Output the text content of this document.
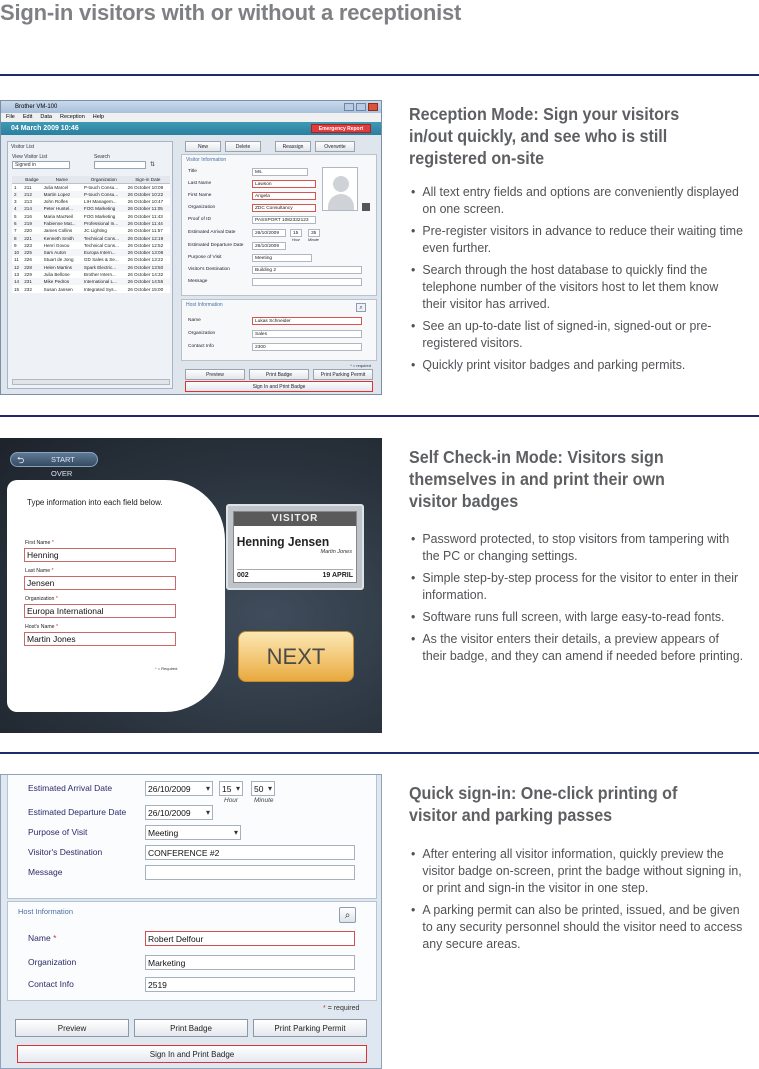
Sign-in visitors with or without a receptionist
Brother VM-100
File Edit Data Reception Help
04 March 2009 10:46	Emergency Report
Visitor List
View Visitor List	Search
Signed in	⇅
	Badge	Name	Organization	Sign-in Date
1	211	Julia Marcel	P-touch Consu...	26 October 10:09
2	212	Martin Lopez	P-touch Consu...	26 October 10:22
3	213	John Rolfes	LIH Managem...	26 October 10:47
4	214	Peter Huntel...	FOG Marketing	26 October 11:05
5	216	Maria MacNeil	FOG Marketing	26 October 11:43
6	219	Fabienne Mat...	Professional In...	26 October 11:44
7	220	James Collins	JC Lighting	26 October 11:57
8	221	Kenneth Smith	Technical Cons...	26 October 12:19
9	223	Henri Govou	Technical Cons...	26 October 12:52
10	225	Sam Auton	Europa Intern...	26 October 13:08
11	226	Stuart de Jong	GD Sales & Se...	26 October 13:22
12	228	Helen Martins	Spark Electric...	26 October 13:50
13	229	Julia Bellone	Brother Intern...	26 October 14:32
14	231	Mike Pedros	International L...	26 October 14:55
15	232	Susan Jansen	Integrated Sys...	26 October 15:00
New	Delete	Reassign	Overwrite
Visitor Information
Title	Ms.
Last Name	Lawson
First Name	Angela
Organization	ZDC Consultancy
Proof of ID	PASSPORT 1082332123
Estimated Arrival Date	26/10/2009	15	35
Hour Minute
Estimated Departure Date	26/10/2009
Purpose of Visit	Meeting
Visitor's Destination	Building 2
Message
Host Information	⌕
Name	Lukas Schneider
Organization	Sales
Contact Info	2300
* = required
Preview	Print Badge	Print Parking Permit
Sign In and Print Badge
Reception Mode: Sign your visitors in/out quickly, and see who is still registered on-site
• All text entry fields and options are conveniently displayed on one screen.
• Pre-register visitors in advance to reduce their waiting time even further.
• Search through the host database to quickly find the telephone number of the visitors host to let them know their visitor has arrived.
• See an up-to-date list of signed-in, signed-out or pre-registered visitors.
• Quickly print visitor badges and parking permits.
⮌	START OVER
Type information into each field below.
First Name *
Henning
Last Name *
Jensen
Organization *
Europa International
Host's Name *
Martin Jones
* = Required
VISITOR
Henning Jensen
Martin Jones
002	19 APRIL
NEXT
Self Check-in Mode: Visitors sign themselves in and print their own visitor badges
• Password protected, to stop visitors from tampering with the PC or changing settings.
• Simple step-by-step process for the visitor to enter in their information.
• Software runs full screen, with large easy-to-read fonts.
• As the visitor enters their details, a preview appears of their badge, and they can amend if needed before printing.
Estimated Arrival Date	26/10/2009 ▾	15 ▾	50 ▾
Hour Minute
Estimated Departure Date	26/10/2009 ▾
Purpose of Visit	Meeting ▾
Visitor's Destination	CONFERENCE #2
Message
Host Information	⌕
Name *	Robert Delfour
Organization	Marketing
Contact Info	2519
* = required
Preview	Print Badge	Print Parking Permit
Sign In and Print Badge
Quick sign-in: One-click printing of visitor and parking passes
• After entering all visitor information, quickly preview the visitor badge on-screen, print the badge without signing in, or print and sign-in the visitor in one step.
• A parking permit can also be printed, issued, and be given to any security personnel should the visitor need to access any secure areas.
